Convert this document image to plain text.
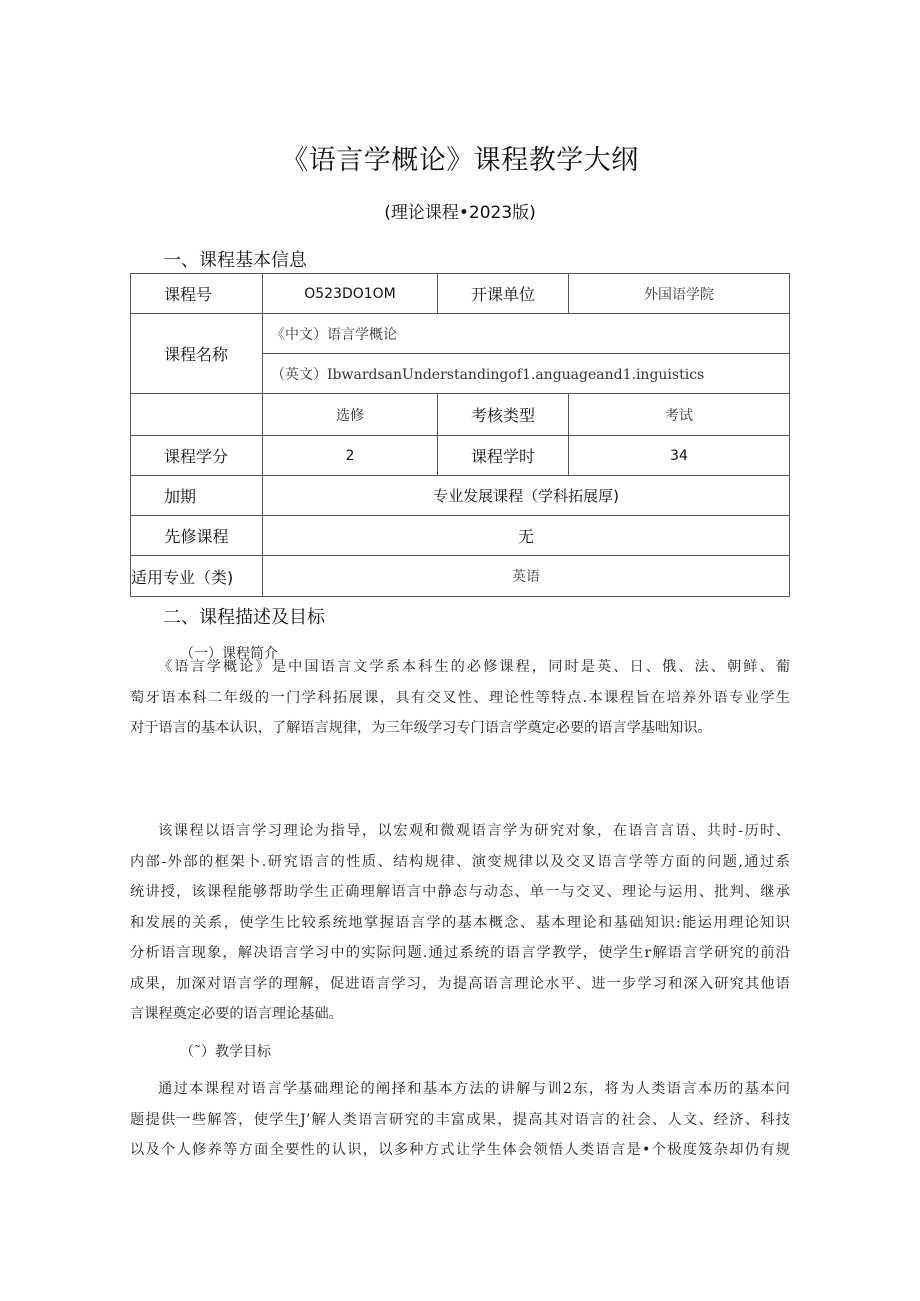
《语言学概论》课程教学大纲
(理论课程•2023版)
一、课程基本信息
课程号	O523DO1OM	开课单位	外国语学院
课程名称	《中文）语言学概论		
	（英文）IbwardsanUnderstandingof1.anguageand1.inguistics		
	选修	考核类型	考试
课程学分	2	课程学时	34
加期	专业发展课程（学科拓展厚)		
先修课程	无		
适用专业（类)	英语		
二、课程描述及目标
（一）课程简介
《语言学概论》是中国语言文学系本科生的必修课程，同时是英、日、俄、法、朝鲜、葡
萄牙语本科二年级的一门学科拓展课，具有交叉性、理论性等特点.本课程旨在培养外语专业学生
对于语言的基本认识，了解语言规律，为三年级学习专门语言学奠定必要的语言学基咄知识。
该课程以语言学习理论为指导，以宏观和微观语言学为研究对象，在语言言语、共时-历时、
内部-外部的框架卜.研究语言的性质、结构规律、演变规律以及交叉语言学等方面的问题,通过系
统讲授，该课程能够帮助学生正确理解语言中静态与动态、单一与交叉、理论与运用、批判、继承
和发展的关系，使学生比较系统地掌握语言学的基本概念、基本理论和基础知识:能运用理论知识
分析语言现象，解决语言学习中的实际问题.通过系统的语言学教学，使学生r解语言学研究的前沿
成果，加深对语言学的理解，促进语言学习，为提高语言理论水平、进一步学习和深入研究其他语
言课程奠定必要的语言理论基础。
（˜）教学目标
通过本课程对语言学基础理论的阐择和基本方法的讲解与训2东，将为人类语言本历的基本问
题提供一些解答，使学生J’解人类语言研究的丰富成果，提高其对语言的社会、人文、经济、科技
以及个人修养等方面全要性的认识，以多种方式让学生体会领悟人类语言是•个极度笈杂却仍有规
